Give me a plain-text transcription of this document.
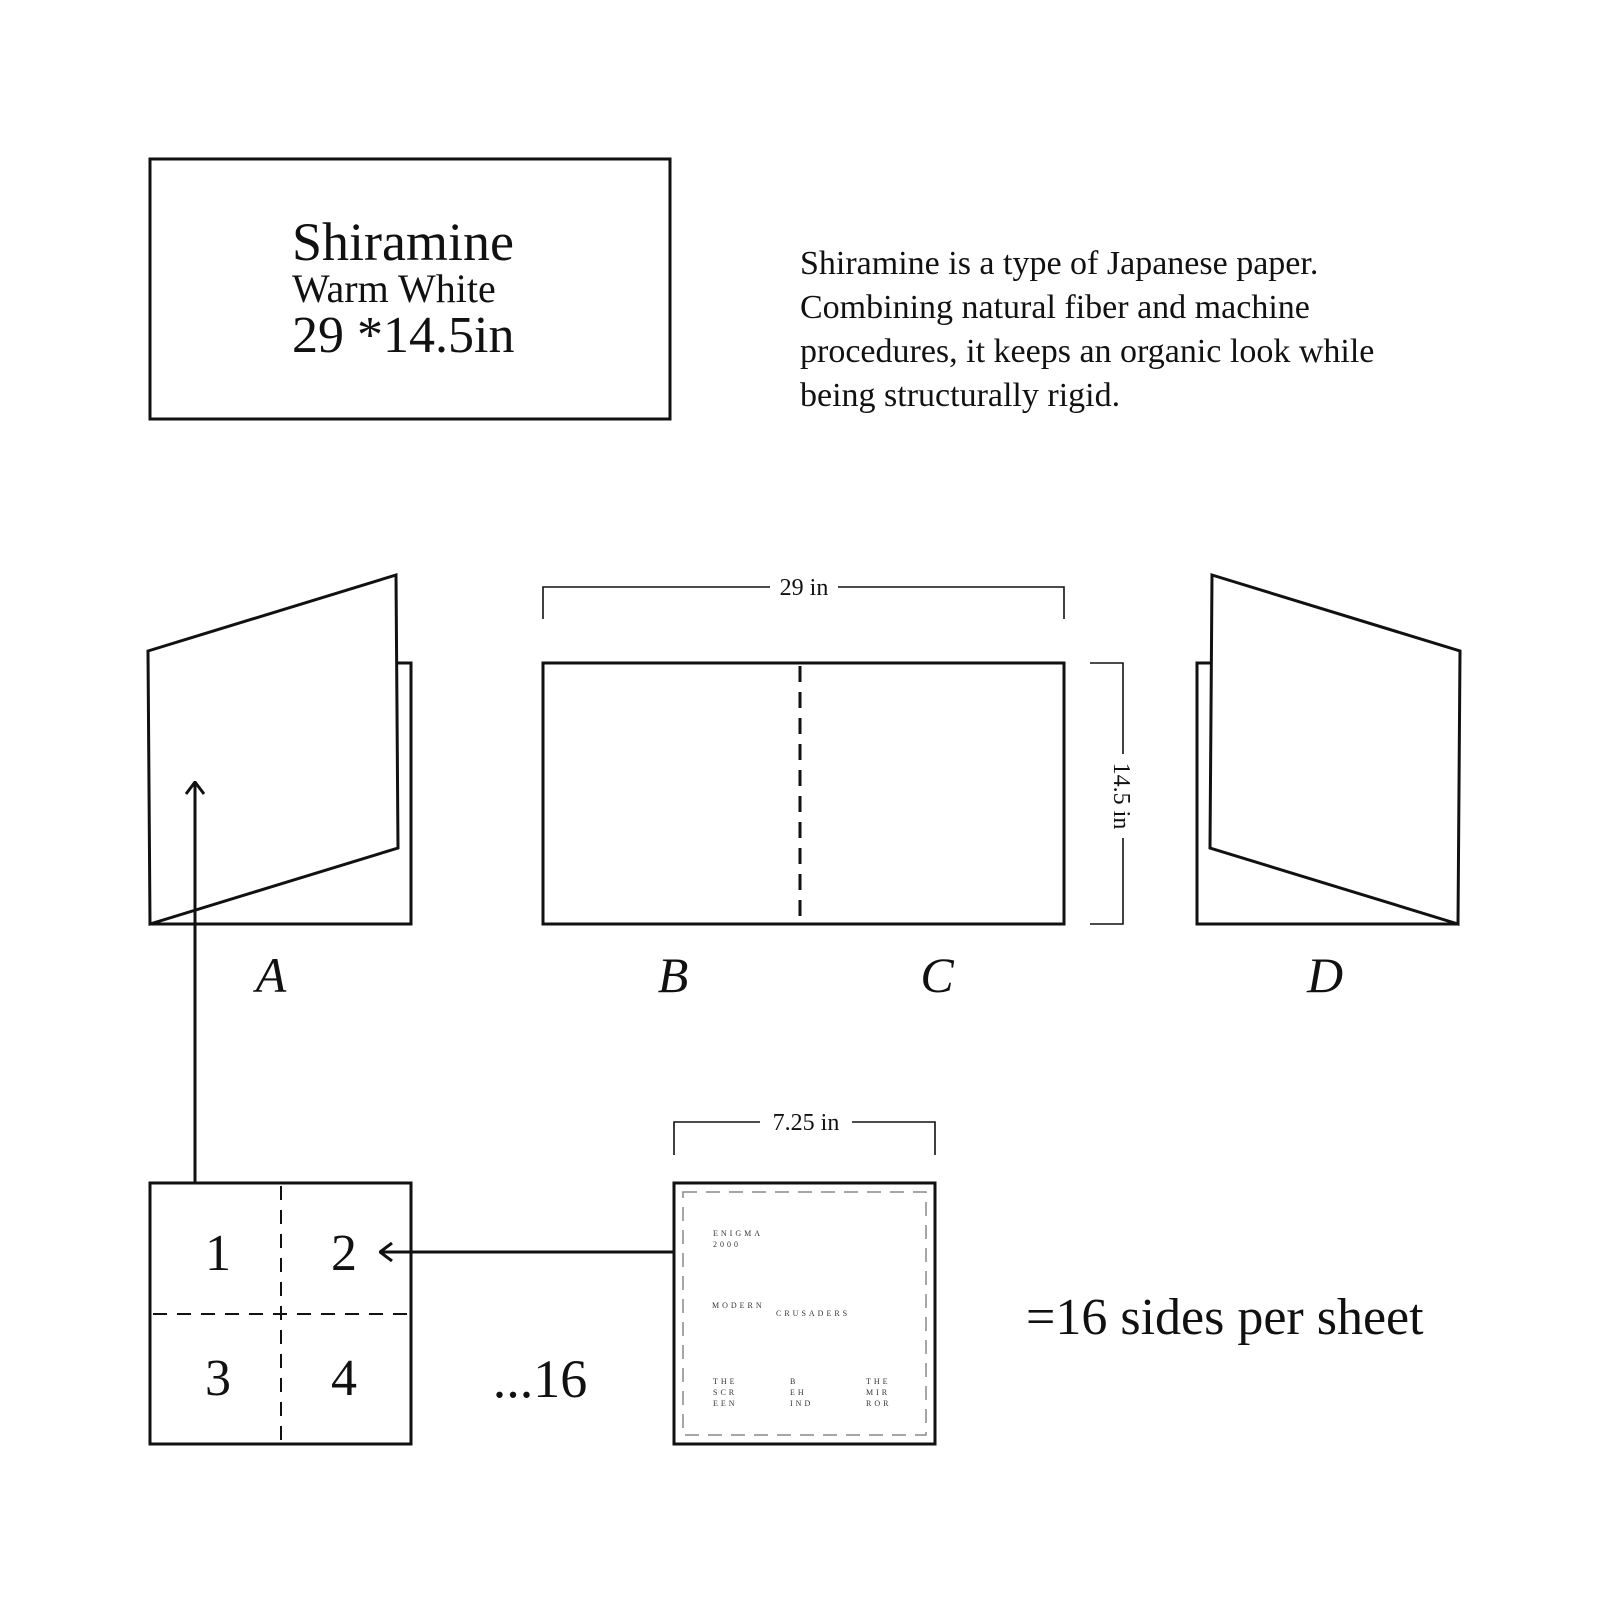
Shiramine
Warm White
29 *14.5in
Shiramine is a type of Japanese paper.
Combining natural fiber and machine
procedures, it keeps an organic look while
being structurally rigid.
29 in
14.5 in
A	B	C	D
1 2
3 4	...16
7.25 in
ENIGMA
2000
MODERN
CRUSADERS
THE
SCR
EEN
B
EH
IND
THE
MIR
ROR
=16 sides per sheet
